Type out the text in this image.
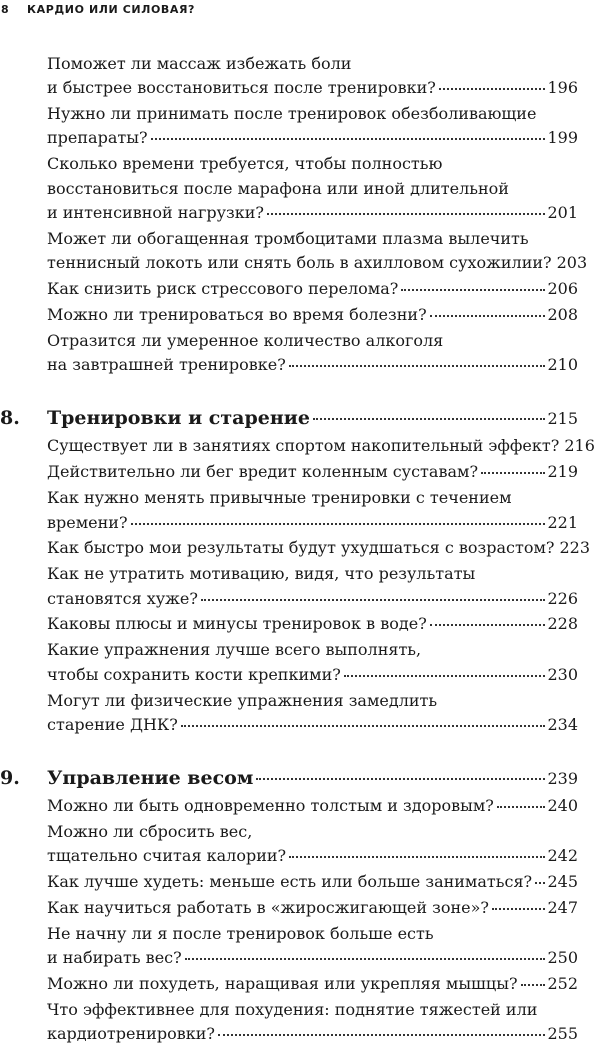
8	КАРДИО ИЛИ СИЛОВАЯ?
Поможет ли массаж избежать боли
и быстрее восстановиться после тренировки?	196
Нужно ли принимать после тренировок обезболивающие
препараты?	199
Сколько времени требуется, чтобы полностью
восстановиться после марафона или иной длительной
и интенсивной нагрузки?	201
Может ли обогащенная тромбоцитами плазма вылечить
теннисный локоть или снять боль в ахилловом сухожилии? 203
Как снизить риск стрессового перелома?	206
Можно ли тренироваться во время болезни?	208
Отразится ли умеренное количество алкоголя
на завтрашней тренировке?	210
8.	Тренировки и старение	215
Существует ли в занятиях спортом накопительный эффект? 216
Действительно ли бег вредит коленным суставам?	219
Как нужно менять привычные тренировки с течением
времени?	221
Как быстро мои результаты будут ухудшаться с возрастом? 223
Как не утратить мотивацию, видя, что результаты
становятся хуже?	226
Каковы плюсы и минусы тренировок в воде?	228
Какие упражнения лучше всего выполнять,
чтобы сохранить кости крепкими?	230
Могут ли физические упражнения замедлить
старение ДНК?	234
9.	Управление весом	239
Можно ли быть одновременно толстым и здоровым?	240
Можно ли сбросить вес,
тщательно считая калории?	242
Как лучше худеть: меньше есть или больше заниматься? 245
Как научиться работать в «жиросжигающей зоне»?	247
Не начну ли я после тренировок больше есть
и набирать вес?	250
Можно ли похудеть, наращивая или укрепляя мышцы? 252
Что эффективнее для похудения: поднятие тяжестей или
кардиотренировки?	255
